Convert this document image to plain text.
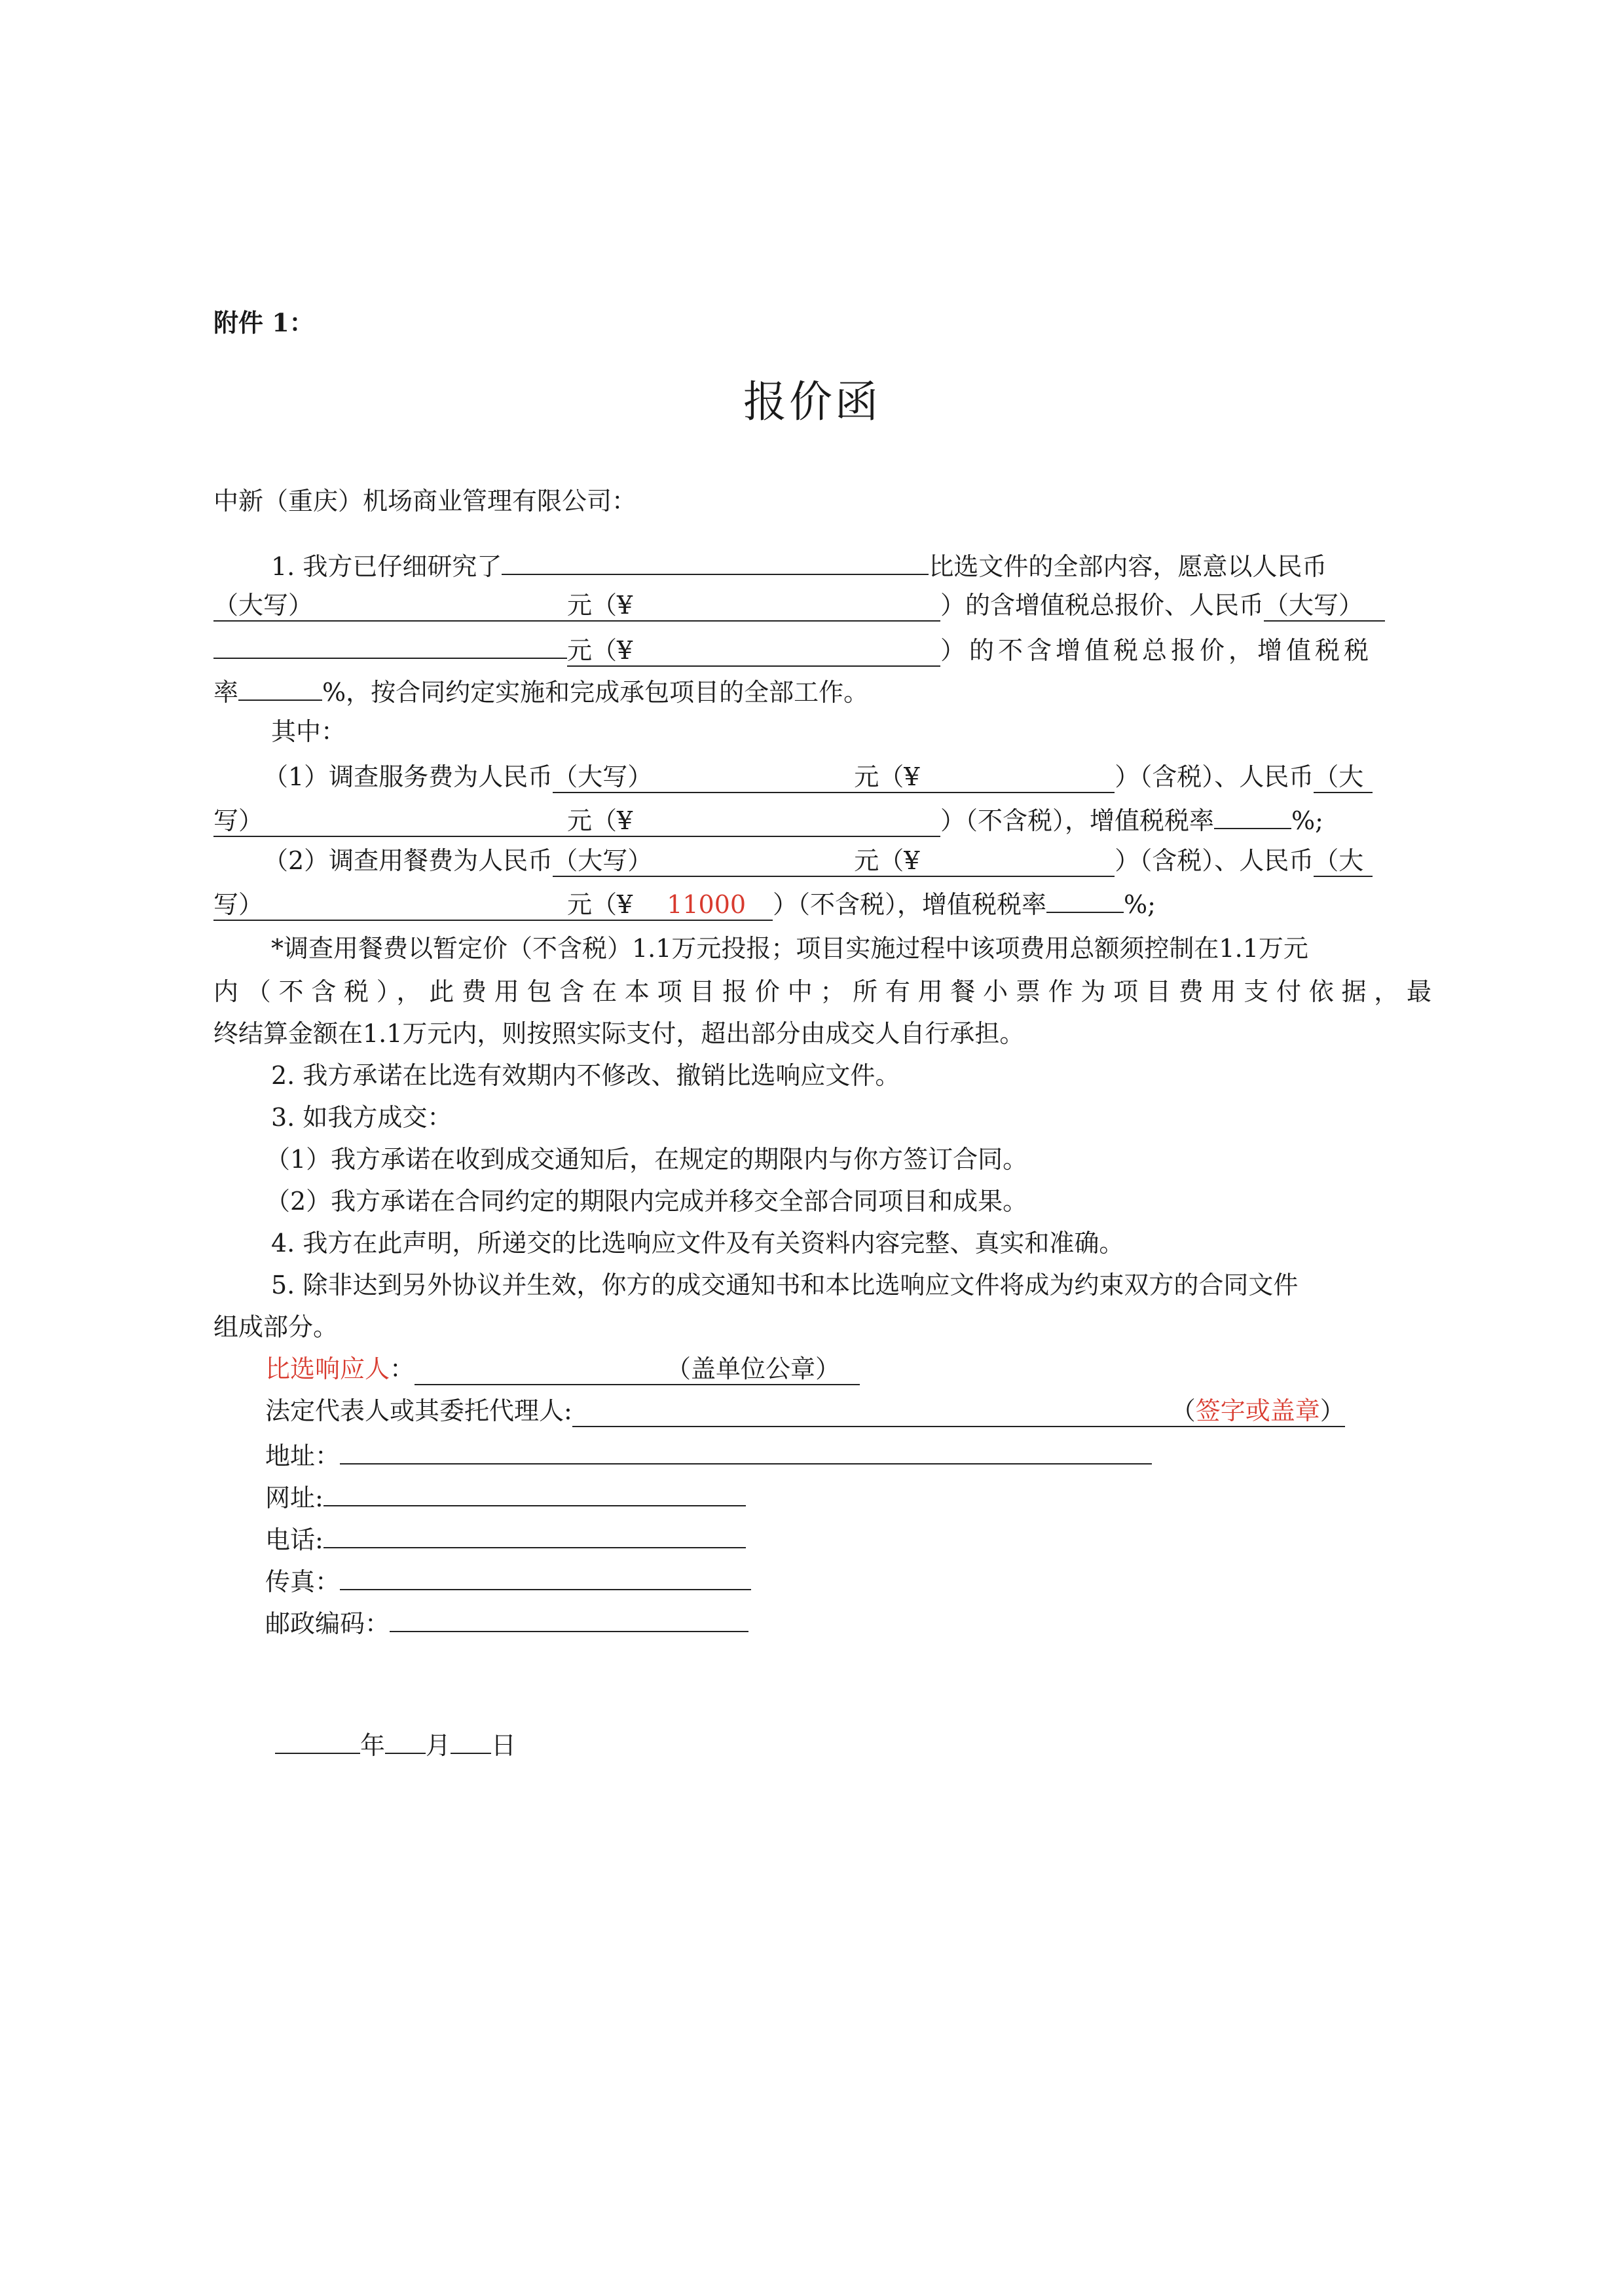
附件 1：
报价函
中新（重庆）机场商业管理有限公司：
1. 我方已仔细研究了	比选文件的全部内容，愿意以人民币
（大写）	元（¥	）的含增值税总报价、人民币（大写）
元（¥	）的不含增值税总报价，增值税税
率	%，按合同约定实施和完成承包项目的全部工作。
其中：
（1）调查服务费为人民币（大写）	元（¥	）（含税）、人民币（大
写）	元（¥	）（不含税），增值税税率	%;
（2）调查用餐费为人民币（大写）	元（¥	）（含税）、人民币（大
写）	元（¥ 11000 ）（不含税），增值税税率	%;
*调查用餐费以暂定价（不含税）1.1万元投报；项目实施过程中该项费用总额须控制在1.1万元
内（不含税），此费用包含在本项目报价中；所有用餐小票作为项目费用支付依据，最
终结算金额在1.1万元内，则按照实际支付，超出部分由成交人自行承担。
2. 我方承诺在比选有效期内不修改、撤销比选响应文件。
3. 如我方成交：
（1）我方承诺在收到成交通知后，在规定的期限内与你方签订合同。
（2）我方承诺在合同约定的期限内完成并移交全部合同项目和成果。
4. 我方在此声明，所递交的比选响应文件及有关资料内容完整、真实和准确。
5. 除非达到另外协议并生效，你方的成交通知书和本比选响应文件将成为约束双方的合同文件
组成部分。
比选响应人：	（盖单位公章）
法定代表人或其委托代理人:	（签字或盖章）
地址：
网址:
电话:
传真：
邮政编码：
年 月 日
